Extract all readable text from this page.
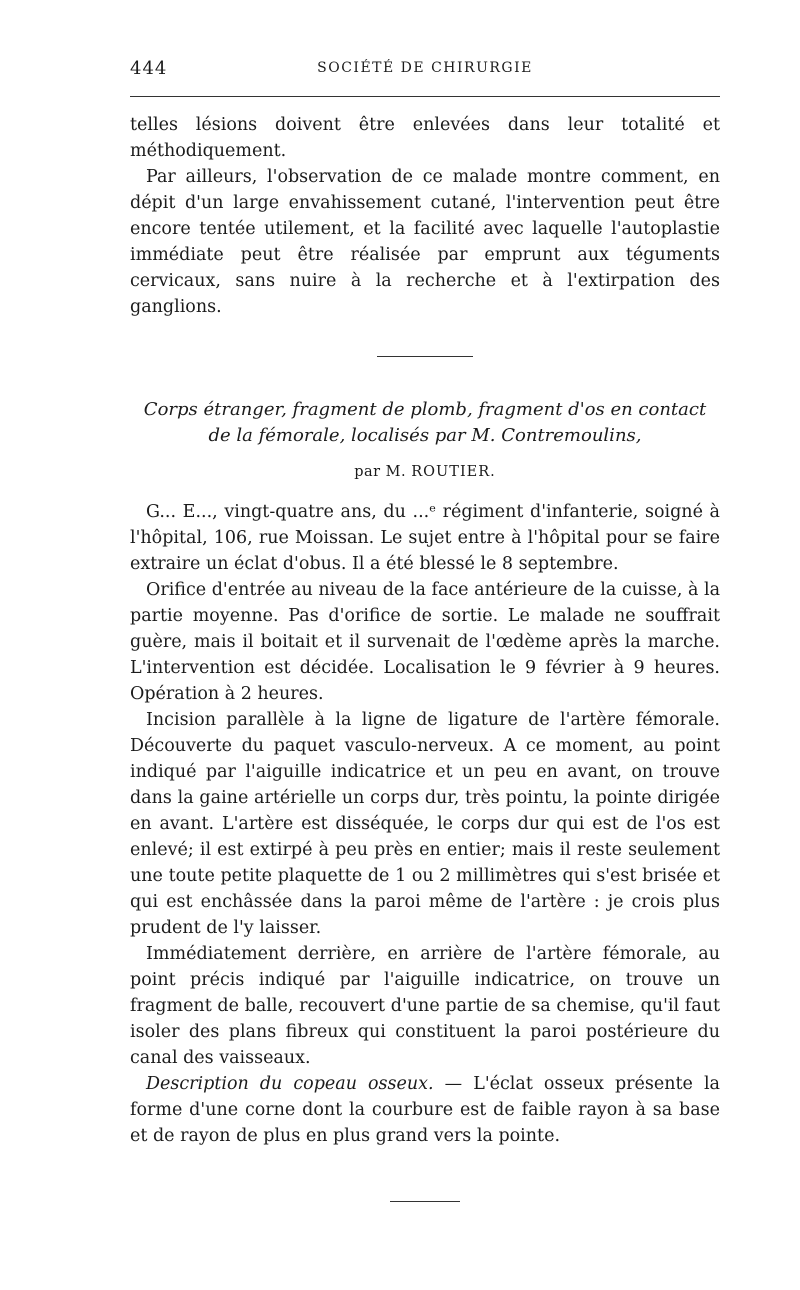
444	SOCIÉTÉ DE CHIRURGIE

telles lésions doivent être enlevées dans leur totalité et méthodiquement.

Par ailleurs, l'observation de ce malade montre comment, en dépit d'un large envahissement cutané, l'intervention peut être encore tentée utilement, et la facilité avec laquelle l'autoplastie immédiate peut être réalisée par emprunt aux téguments cervicaux, sans nuire à la recherche et à l'extirpation des ganglions.

Corps étranger, fragment de plomb, fragment d'os en contact
de la fémorale, localisés par M. Contremoulins,
par M. ROUTIER.

G... E..., vingt-quatre ans, du ...ᵉ régiment d'infanterie, soigné à l'hôpital, 106, rue Moissan. Le sujet entre à l'hôpital pour se faire extraire un éclat d'obus. Il a été blessé le 8 septembre.

Orifice d'entrée au niveau de la face antérieure de la cuisse, à la partie moyenne. Pas d'orifice de sortie. Le malade ne souffrait guère, mais il boitait et il survenait de l'œdème après la marche. L'intervention est décidée. Localisation le 9 février à 9 heures. Opération à 2 heures.

Incision parallèle à la ligne de ligature de l'artère fémorale. Découverte du paquet vasculo-nerveux. A ce moment, au point indiqué par l'aiguille indicatrice et un peu en avant, on trouve dans la gaine artérielle un corps dur, très pointu, la pointe dirigée en avant. L'artère est disséquée, le corps dur qui est de l'os est enlevé; il est extirpé à peu près en entier; mais il reste seulement une toute petite plaquette de 1 ou 2 millimètres qui s'est brisée et qui est enchâssée dans la paroi même de l'artère : je crois plus prudent de l'y laisser.

Immédiatement derrière, en arrière de l'artère fémorale, au point précis indiqué par l'aiguille indicatrice, on trouve un fragment de balle, recouvert d'une partie de sa chemise, qu'il faut isoler des plans fibreux qui constituent la paroi postérieure du canal des vaisseaux.

Description du copeau osseux. — L'éclat osseux présente la forme d'une corne dont la courbure est de faible rayon à sa base et de rayon de plus en plus grand vers la pointe.
